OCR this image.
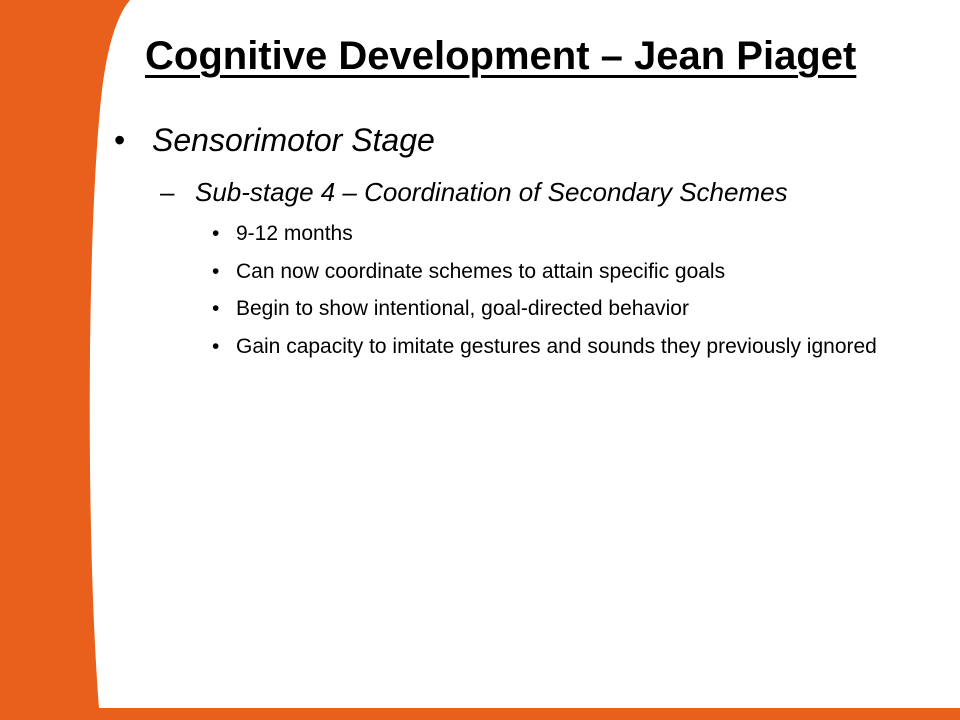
Cognitive Development – Jean Piaget
• Sensorimotor Stage
– Sub-stage 4 – Coordination of Secondary Schemes
• 9-12 months
• Can now coordinate schemes to attain specific goals
• Begin to show intentional, goal-directed behavior
• Gain capacity to imitate gestures and sounds they previously ignored
